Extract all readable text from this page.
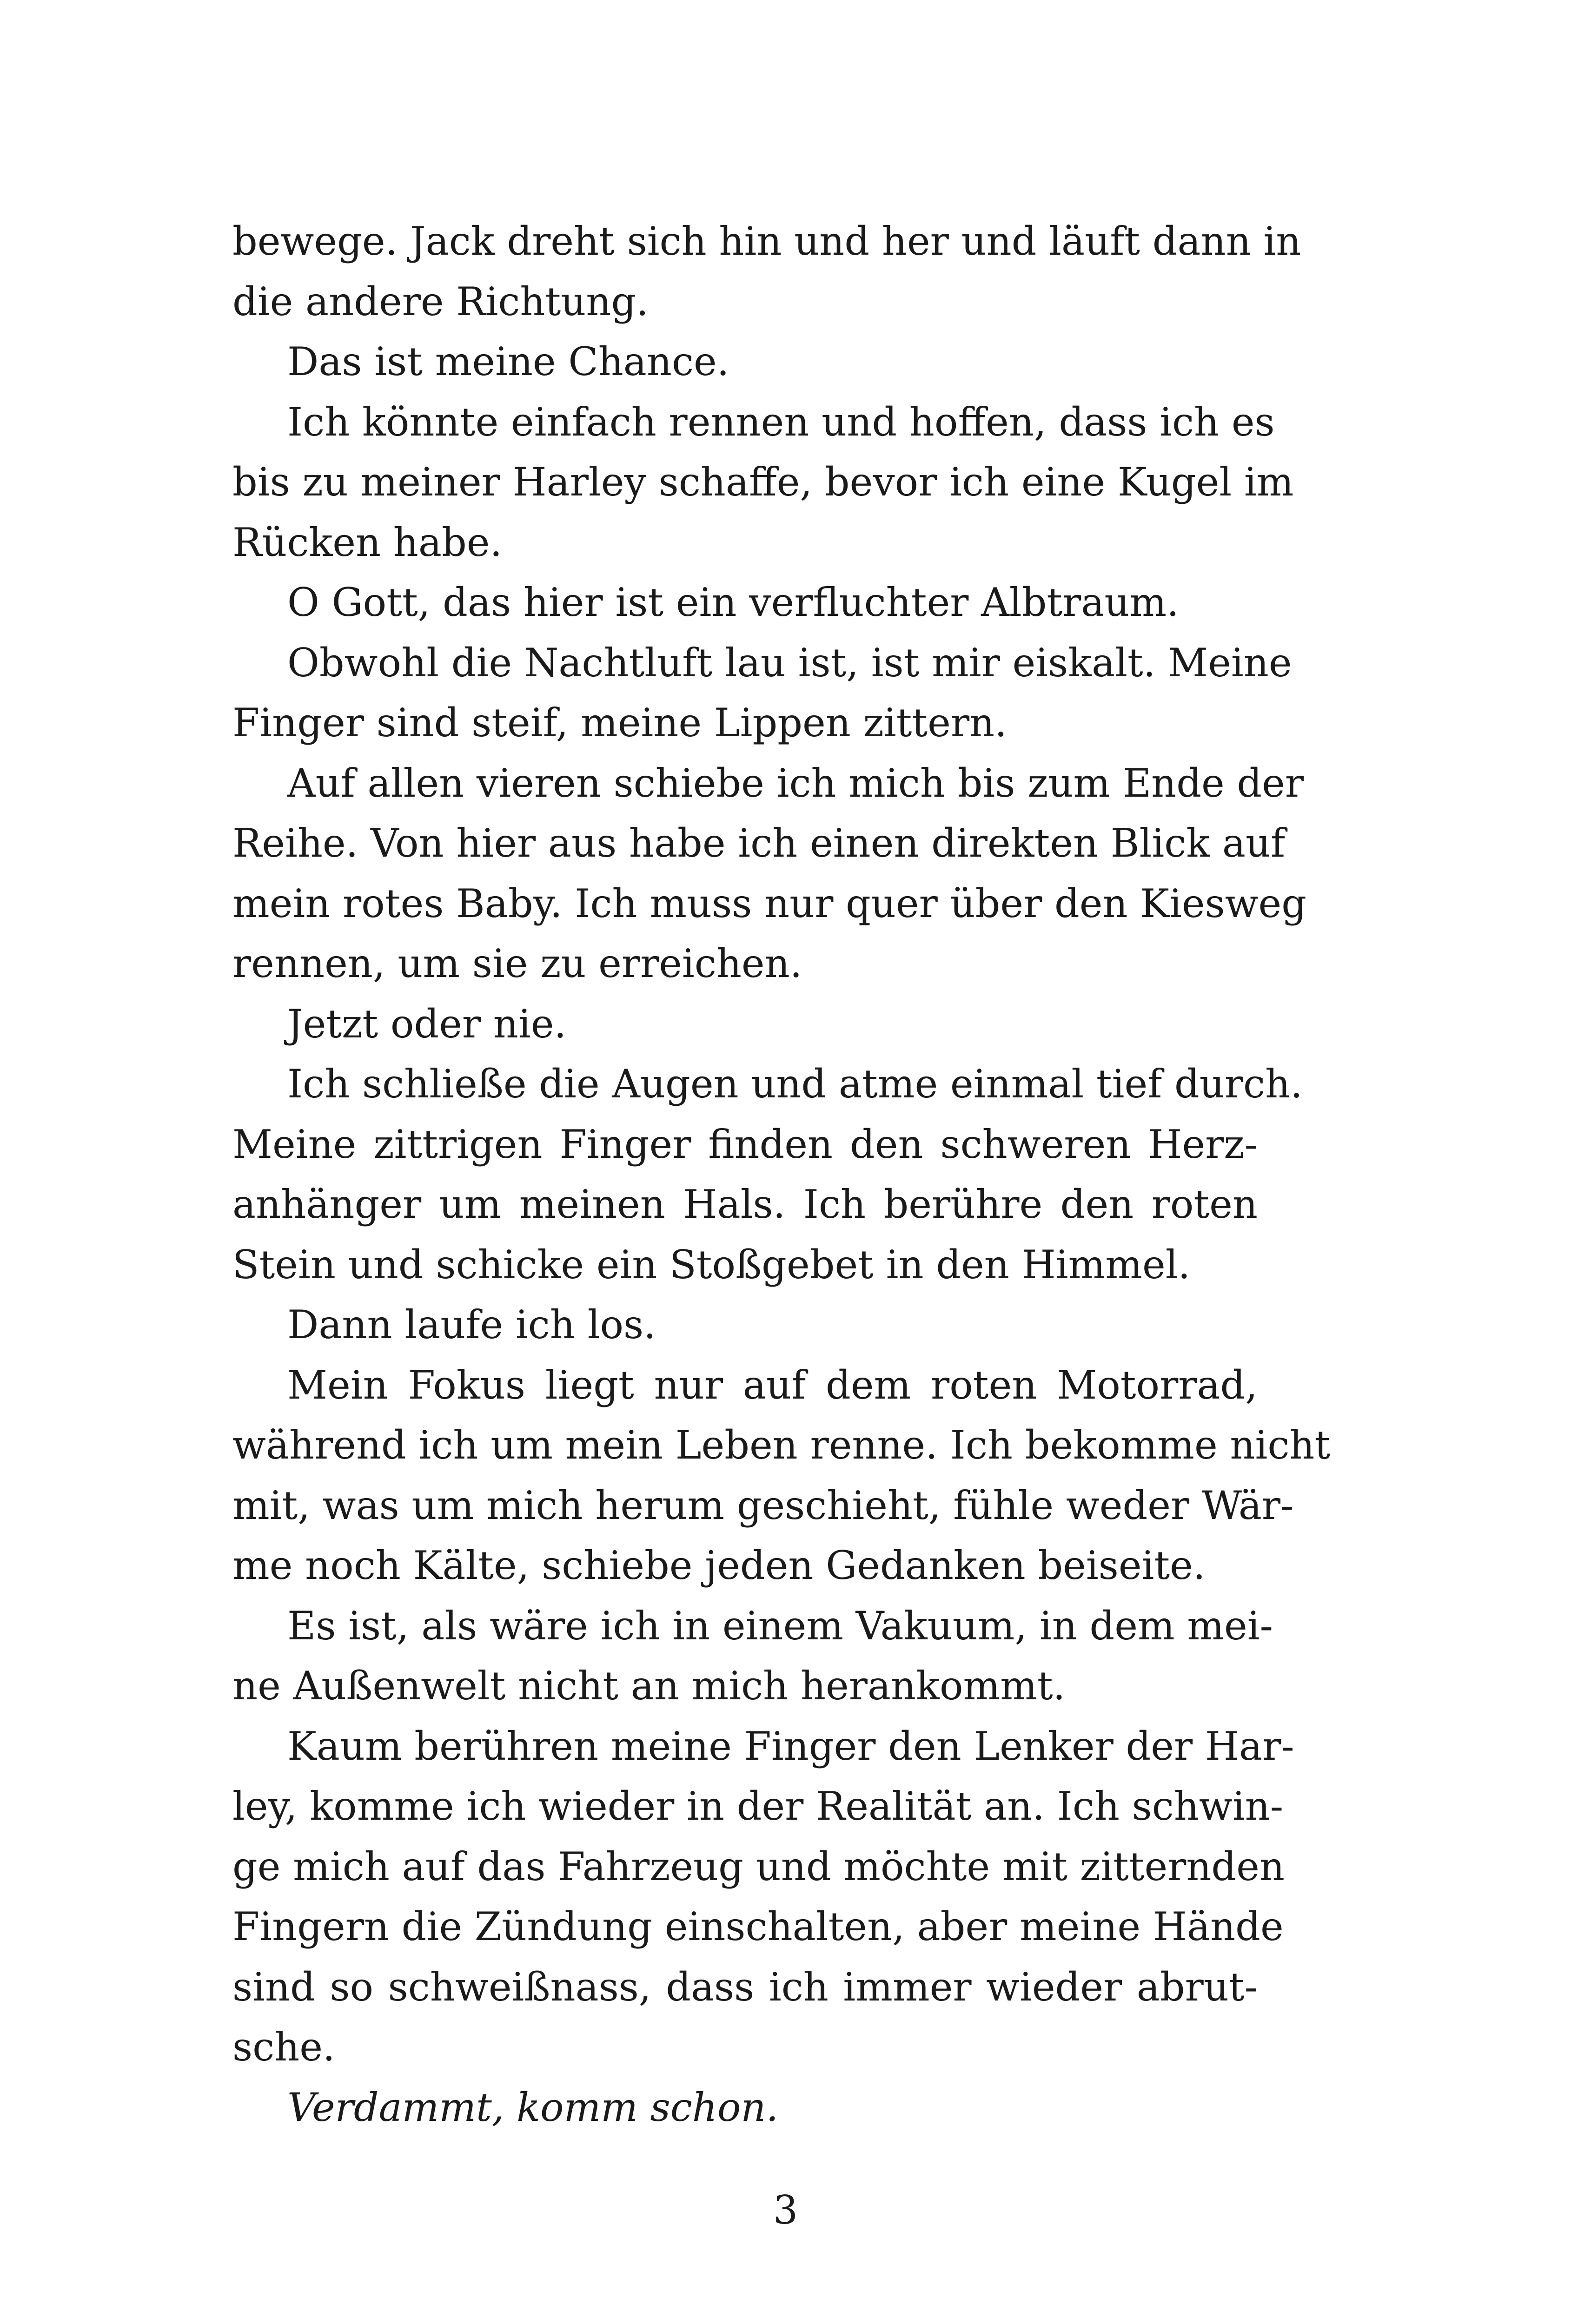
bewege. Jack dreht sich hin und her und läuft dann in
die andere Richtung.
Das ist meine Chance.
Ich könnte einfach rennen und hoffen, dass ich es
bis zu meiner Harley schaffe, bevor ich eine Kugel im
Rücken habe.
O Gott, das hier ist ein verfluchter Albtraum.
Obwohl die Nachtluft lau ist, ist mir eiskalt. Meine
Finger sind steif, meine Lippen zittern.
Auf allen vieren schiebe ich mich bis zum Ende der
Reihe. Von hier aus habe ich einen direkten Blick auf
mein rotes Baby. Ich muss nur quer über den Kiesweg
rennen, um sie zu erreichen.
Jetzt oder nie.
Ich schließe die Augen und atme einmal tief durch.
Meine zittrigen Finger finden den schweren Herz-
anhänger um meinen Hals. Ich berühre den roten
Stein und schicke ein Stoßgebet in den Himmel.
Dann laufe ich los.
Mein Fokus liegt nur auf dem roten Motorrad,
während ich um mein Leben renne. Ich bekomme nicht
mit, was um mich herum geschieht, fühle weder Wär-
me noch Kälte, schiebe jeden Gedanken beiseite.
Es ist, als wäre ich in einem Vakuum, in dem mei-
ne Außenwelt nicht an mich herankommt.
Kaum berühren meine Finger den Lenker der Har-
ley, komme ich wieder in der Realität an. Ich schwin-
ge mich auf das Fahrzeug und möchte mit zitternden
Fingern die Zündung einschalten, aber meine Hände
sind so schweißnass, dass ich immer wieder abrut-
sche.
Verdammt, komm schon.
3
